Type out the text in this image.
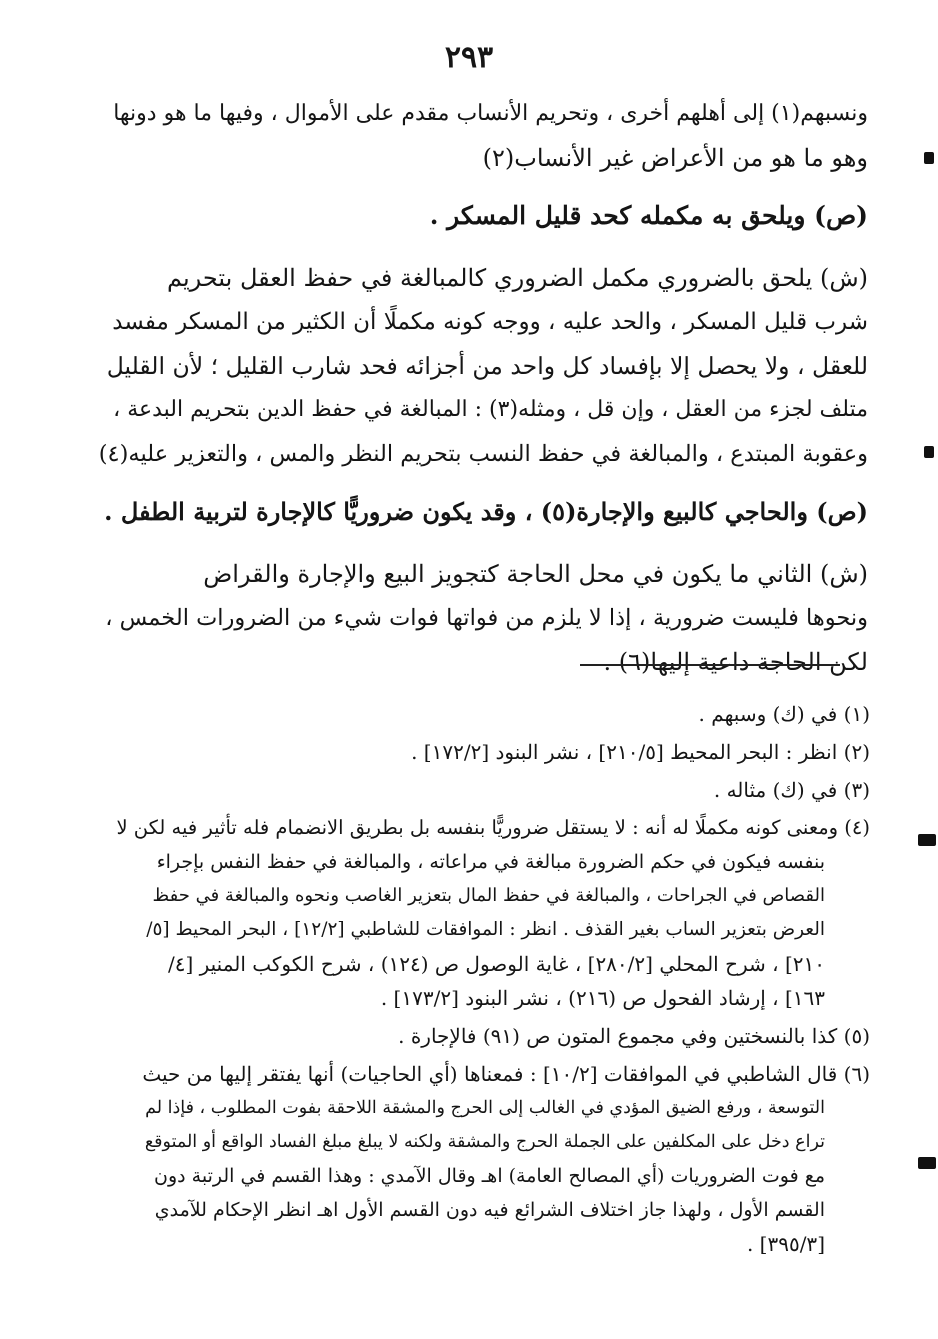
٢٩٣
ونسبهم(١) إلى أهلهم أخرى ، وتحريم الأنساب مقدم على الأموال ، وفيها ما هو دونها
وهو ما هو من الأعراض غير الأنساب(٢)
(ص) ويلحق به مكمله كحد قليل المسكر .
(ش) يلحق بالضروري مكمل الضروري كالمبالغة في حفظ العقل بتحريم
شرب قليل المسكر ، والحد عليه ، ووجه كونه مكملًا أن الكثير من المسكر مفسد
للعقل ، ولا يحصل إلا بإفساد كل واحد من أجزائه فحد شارب القليل ؛ لأن القليل
متلف لجزء من العقل ، وإن قل ، ومثله(٣) : المبالغة في حفظ الدين بتحريم البدعة ،
وعقوبة المبتدع ، والمبالغة في حفظ النسب بتحريم النظر والمس ، والتعزير عليه(٤)
(ص) والحاجي كالبيع والإجارة(٥) ، وقد يكون ضروريًّا كالإجارة لتربية الطفل .
(ش) الثاني ما يكون في محل الحاجة كتجويز البيع والإجارة والقراض
ونحوها فليست ضرورية ، إذا لا يلزم من فواتها فوات شيء من الضرورات الخمس ،
لكن الحاجة داعية إليها(٦) .
(١) في (ك) وسبهم .
(٢) انظر : البحر المحيط [٢١٠/٥] ، نشر البنود [١٧٢/٢] .
(٣) في (ك) مثاله .
(٤) ومعنى كونه مكملًا له أنه : لا يستقل ضروريًّا بنفسه بل بطريق الانضمام فله تأثير فيه لكن لا
بنفسه فيكون في حكم الضرورة مبالغة في مراعاته ، والمبالغة في حفظ النفس بإجراء
القصاص في الجراحات ، والمبالغة في حفظ المال بتعزير الغاصب ونحوه والمبالغة في حفظ
العرض بتعزير الساب بغير القذف . انظر : الموافقات للشاطبي [١٢/٢] ، البحر المحيط [٥/
٢١٠] ، شرح المحلي [٢٨٠/٢] ، غاية الوصول ص (١٢٤) ، شرح الكوكب المنير [٤/
١٦٣] ، إرشاد الفحول ص (٢١٦) ، نشر البنود [١٧٣/٢] .
(٥) كذا بالنسختين وفي مجموع المتون ص (٩١) فالإجارة .
(٦) قال الشاطبي في الموافقات [١٠/٢] : فمعناها (أي الحاجيات) أنها يفتقر إليها من حيث
التوسعة ، ورفع الضيق المؤدي في الغالب إلى الحرج والمشقة اللاحقة بفوت المطلوب ، فإذا لم
تراع دخل على المكلفين على الجملة الحرج والمشقة ولكنه لا يبلغ مبلغ الفساد الواقع أو المتوقع
مع فوت الضروريات (أي المصالح العامة) اهـ وقال الآمدي : وهذا القسم في الرتبة دون
القسم الأول ، ولهذا جاز اختلاف الشرائع فيه دون القسم الأول اهـ انظر الإحكام للآمدي
[٣٩٥/٣] .
